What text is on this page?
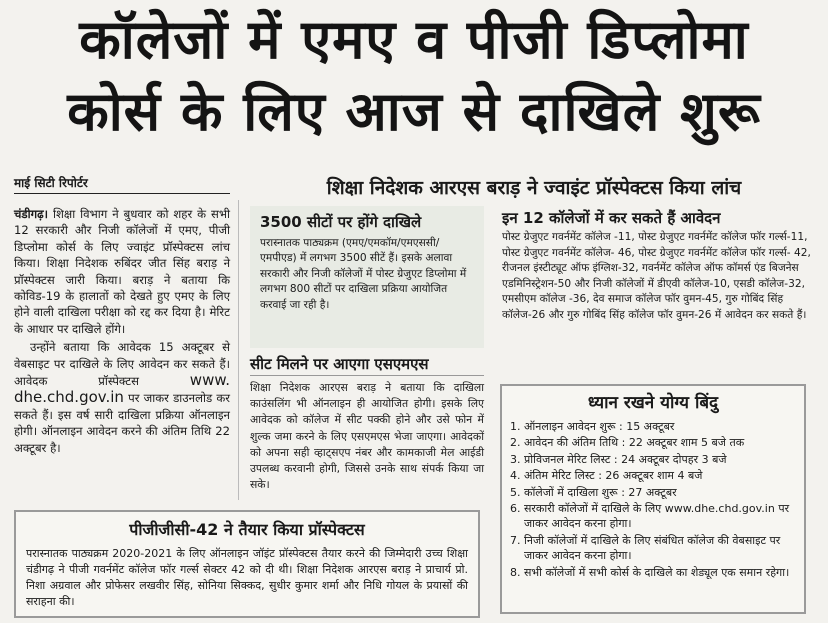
कॉलेजों में एमए व पीजी डिप्लोमा
कोर्स के लिए आज से दाखिले शुरू
माई सिटी रिपोर्टर	शिक्षा निदेशक आरएस बराड़ ने ज्वाइंट प्रॉस्पेक्टस किया लांच

चंडीगढ़। शिक्षा विभाग ने बुधवार को शहर के सभी 12 सरकारी और निजी कॉलेजों में एमए, पीजी डिप्लोमा कोर्स के लिए ज्वाइंट प्रॉस्पेक्टस लांच किया। शिक्षा निदेशक रुबिंदर जीत सिंह बराड़ ने प्रॉस्पेक्टस जारी किया। बराड़ ने बताया कि कोविड-19 के हालातों को देखते हुए एमए के लिए होने वाली दाखिला परीक्षा को रद्द कर दिया है। मेरिट के आधार पर दाखिले होंगे।

उन्होंने बताया कि आवेदक 15 अक्टूबर से वेबसाइट पर दाखिले के लिए आवेदन कर सकते हैं। आवेदक प्रॉस्पेक्टस	www. dhe.chd.gov.in पर जाकर डाउनलोड कर सकते हैं। इस वर्ष सारी दाखिला प्रक्रिया ऑनलाइन होगी। ऑनलाइन आवेदन करने की अंतिम तिथि 22 अक्टूबर है।

3500 सीटों पर होंगे दाखिले
परास्नातक पाठ्यक्रम (एमए/एमकॉम/एमएससी/एमपीएड) में लगभग 3500 सीटें हैं। इसके अलावा सरकारी और निजी कॉलेजों में पोस्ट ग्रेजुएट डिप्लोमा में लगभग 800 सीटों पर दाखिला प्रक्रिया आयोजित करवाई जा रही है।
सीट मिलने पर आएगा एसएमएस
शिक्षा निदेशक आरएस बराड़ ने बताया कि दाखिला काउंसलिंग भी ऑनलाइन ही आयोजित होगी। इसके लिए आवेदक को कॉलेज में सीट पक्की होने और उसे फोन में शुल्क जमा करने के लिए एसएमएस भेजा जाएगा। आवेदकों को अपना सही व्हाट्सएप नंबर और कामकाजी मेल आईडी उपलब्ध करवानी होगी, जिससे उनके साथ संपर्क किया जा सके।
इन 12 कॉलेजों में कर सकते हैं आवेदन
पोस्ट ग्रेजुएट गवर्नमेंट कॉलेज -11, पोस्ट ग्रेजुएट गवर्नमेंट कॉलेज फॉर गर्ल्स-11, पोस्ट ग्रेजुएट गवर्नमेंट कॉलेज- 46, पोस्ट ग्रेजुएट गवर्नमेंट कॉलेज फॉर गर्ल्स- 42, रीजनल इंस्टीट्यूट ऑफ इंग्लिश-32, गवर्नमेंट कॉलेज ऑफ कॉमर्स एंड बिजनेस एडमिनिस्ट्रेशन-50 और निजी कॉलेजों में डीएवी कॉलेज-10, एसडी कॉलेज-32, एमसीएम कॉलेज -36, देव समाज कॉलेज फॉर वुमन-45, गुरु गोबिंद सिंह कॉलेज-26 और गुरु गोबिंद सिंह कॉलेज फॉर वुमन-26 में आवेदन कर सकते हैं।
ध्यान रखने योग्य बिंदु
1. ऑनलाइन आवेदन शुरू : 15 अक्टूबर
2. आवेदन की अंतिम तिथि : 22 अक्टूबर शाम 5 बजे तक
3. प्रोविजनल मेरिट लिस्ट : 24 अक्टूबर दोपहर 3 बजे
4. अंतिम मेरिट लिस्ट : 26 अक्टूबर शाम 4 बजे
5. कॉलेजों में दाखिला शुरू : 27 अक्टूबर
6. सरकारी कॉलेजों में दाखिले के लिए www.dhe.chd.gov.in पर जाकर आवेदन करना होगा।
7. निजी कॉलेजों में दाखिले के लिए संबंधित कॉलेज की वेबसाइट पर जाकर आवेदन करना होगा।
8. सभी कॉलेजों में सभी कोर्स के दाखिले का शेड्यूल एक समान रहेगा।
पीजीजीसी-42 ने तैयार किया प्रॉस्पेक्टस
परास्नातक पाठ्यक्रम 2020-2021 के लिए ऑनलाइन जॉइंट प्रॉस्पेक्टस तैयार करने की जिम्मेदारी उच्च शिक्षा चंडीगढ़ ने पीजी गवर्नमेंट कॉलेज फॉर गर्ल्स सेक्टर 42 को दी थी। शिक्षा निदेशक आरएस बराड़ ने प्राचार्य प्रो. निशा अग्रवाल और प्रोफेसर लखवीर सिंह, सोनिया सिक्कद, सुधीर कुमार शर्मा और निधि गोयल के प्रयासों की सराहना की।
